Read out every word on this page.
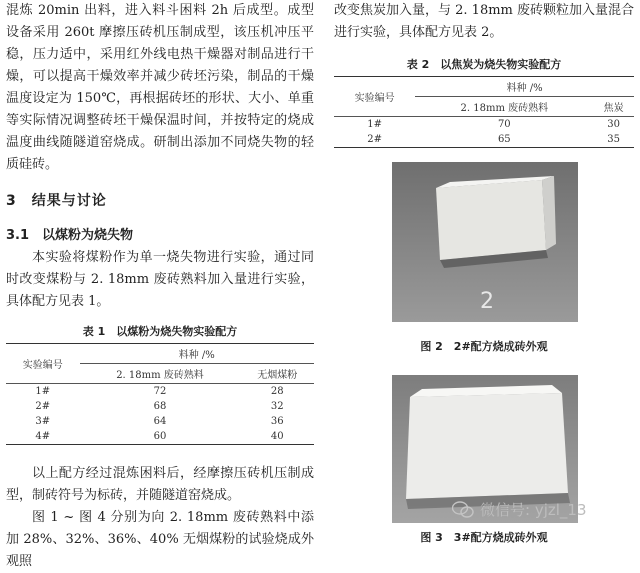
混炼 20min 出料，进入料斗困料 2h 后成型。成型设备采用 260t 摩擦压砖机压制成型，该压机冲压平稳，压力适中，采用红外线电热干燥器对制品进行干燥，可以提高干燥效率并减少砖坯污染，制品的干燥温度设定为 150℃，再根据砖坯的形状、大小、单重等实际情况调整砖坯干燥保温时间，并按特定的烧成温度曲线随隧道窑烧成。研制出添加不同烧失物的轻质硅砖。

3　结果与讨论
3.1　以煤粉为烧失物

本实验将煤粉作为单一烧失物进行实验，通过同时改变煤粉与 2. 18mm 废砖熟料加入量进行实验，具体配方见表 1。

表 1　以煤粉为烧失物实验配方
实验编号	料种 /%	
	2. 18mm 废砖熟料	无烟煤粉
1#	72	28
2#	68	32
3#	64	36
4#	60	40

以上配方经过混炼困料后，经摩擦压砖机压制成型，制砖符号为标砖，并随隧道窑烧成。

图 1 ~ 图 4 分别为向 2. 18mm 废砖熟料中添加 28%、32%、36%、40% 无烟煤粉的试验烧成外观照

改变焦炭加入量，与 2. 18mm 废砖颗粒加入量混合进行实验，具体配方见表 2。

表 2　以焦炭为烧失物实验配方
实验编号	料种 /%	
	2. 18mm 废砖熟料	焦炭
1#	70	30
2#	65	35
2
图 2　2#配方烧成砖外观
图 3　3#配方烧成砖外观
微信号: yjzl_13
